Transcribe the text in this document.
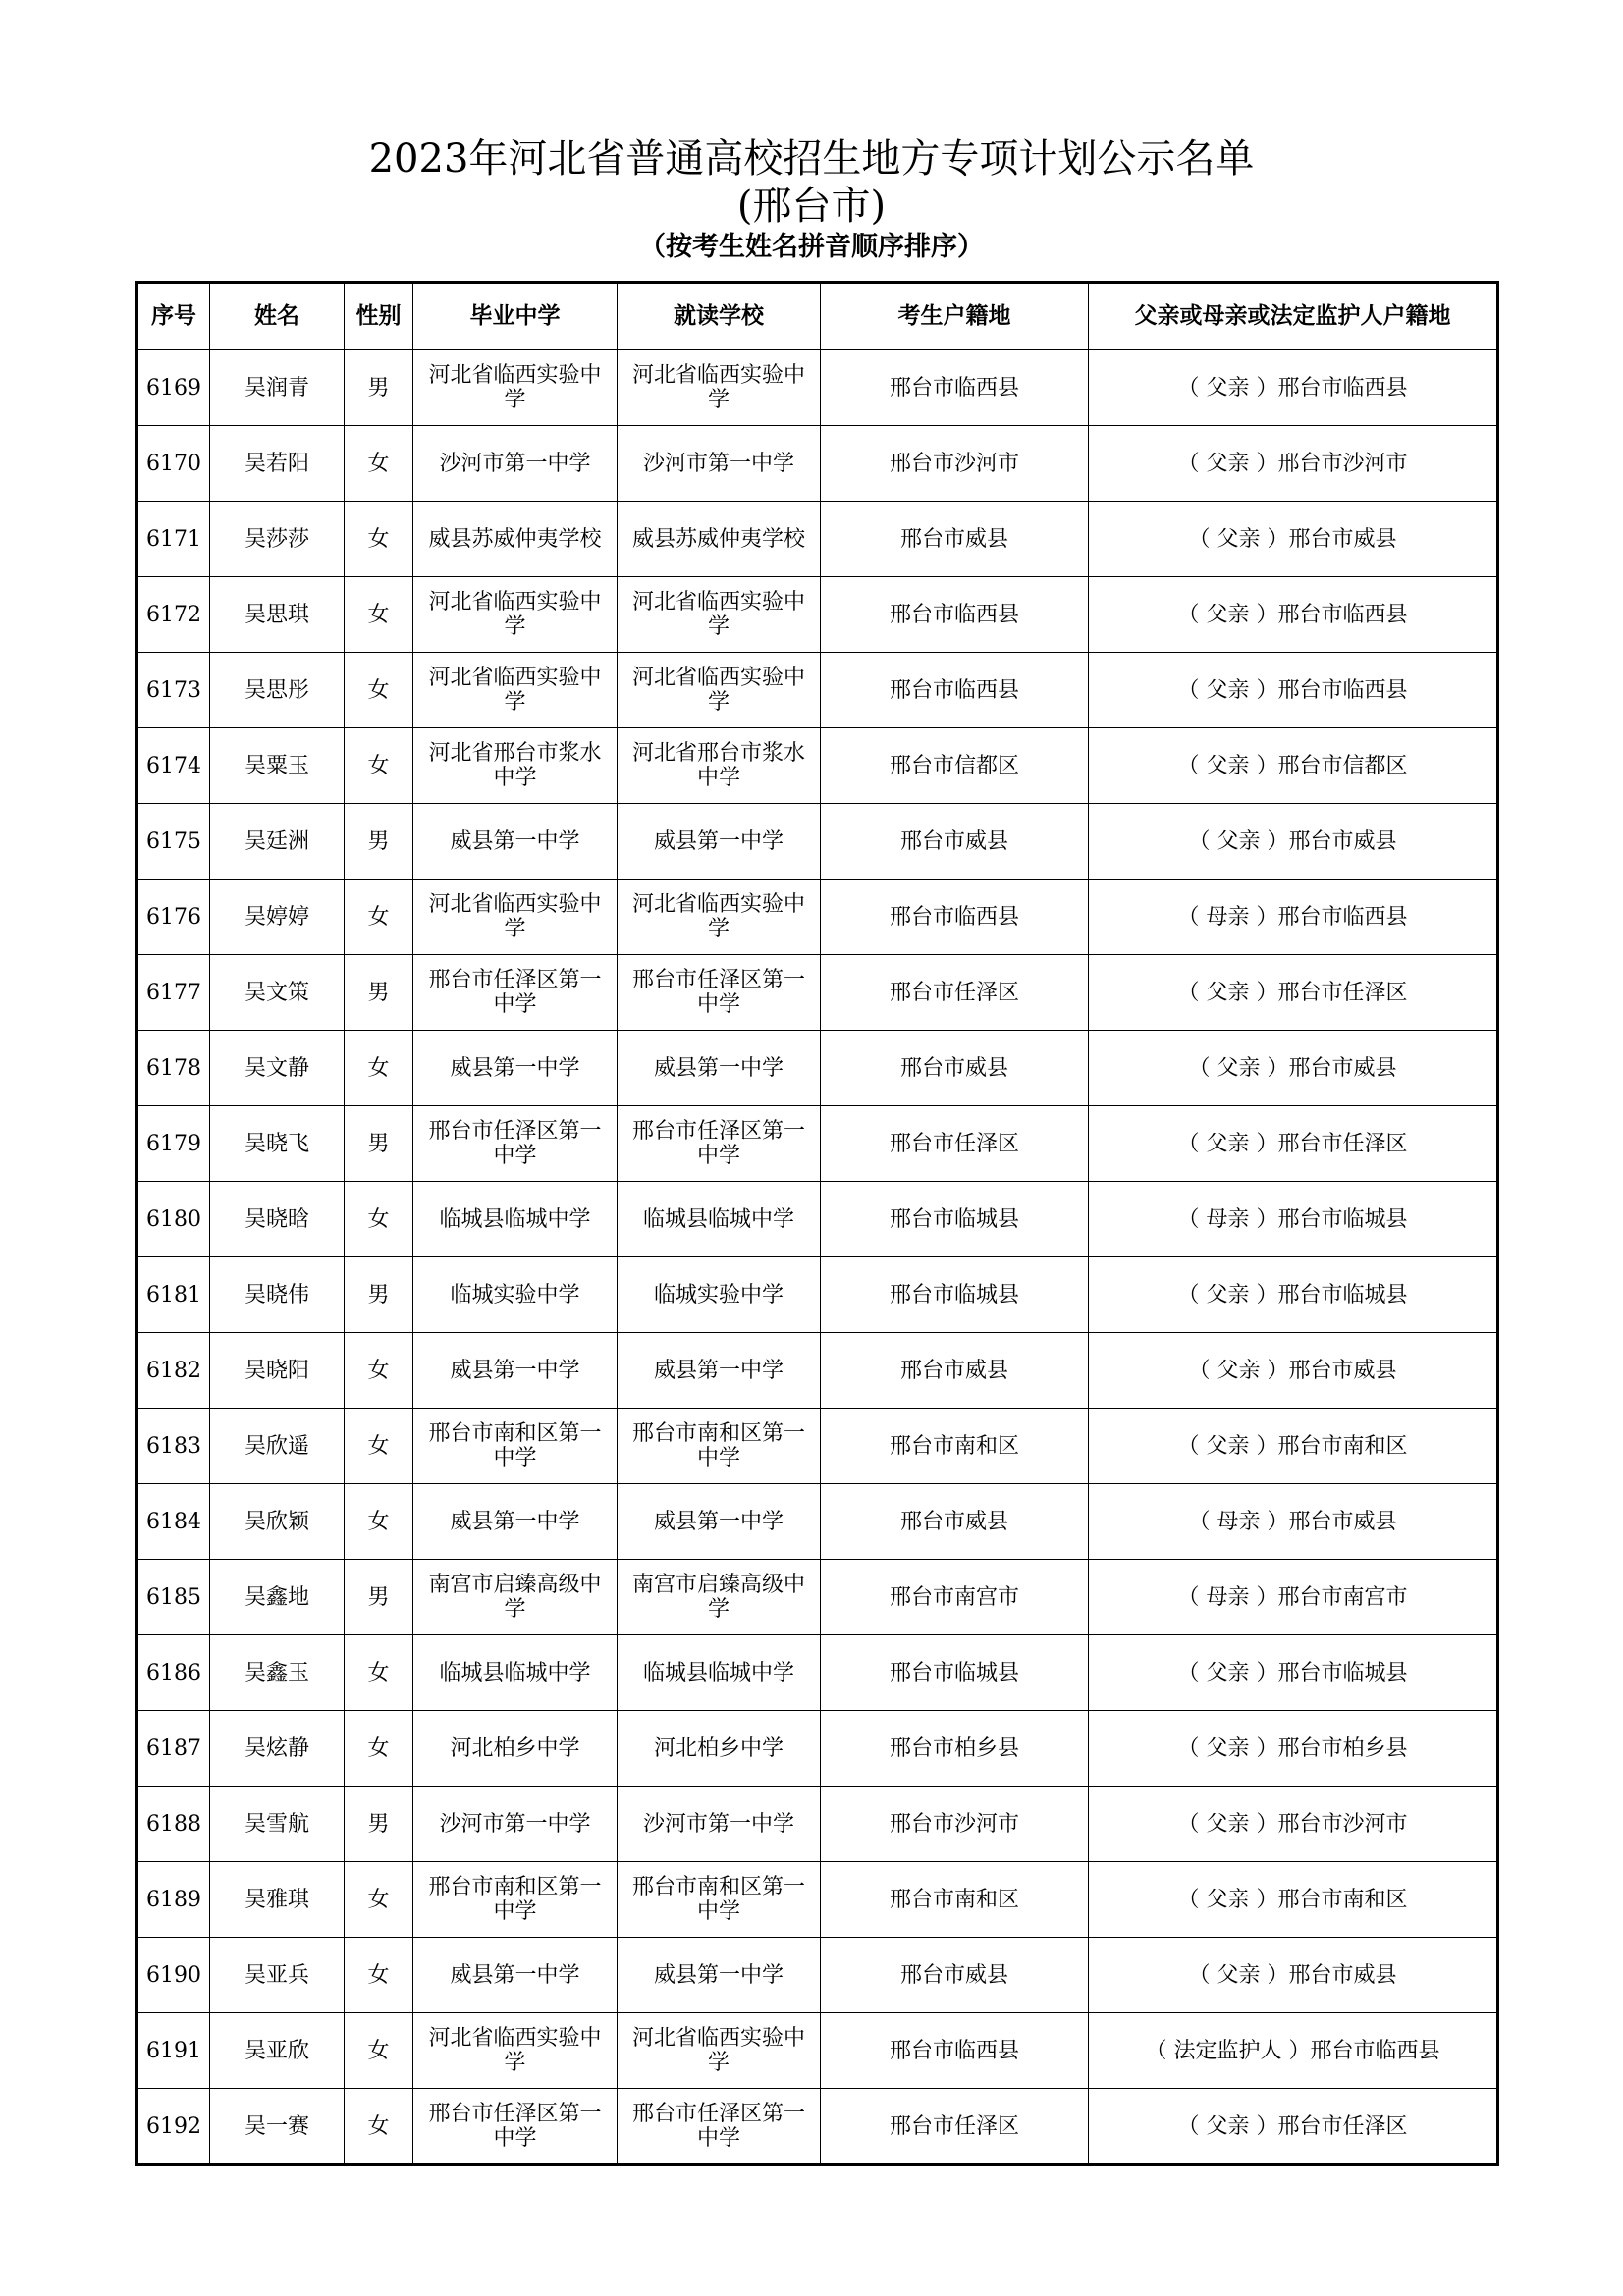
2023年河北省普通高校招生地方专项计划公示名单
(邢台市)
（按考生姓名拼音顺序排序）
序号	姓名	性别	毕业中学	就读学校	考生户籍地	父亲或母亲或法定监护人户籍地
6169	吴润青	男	河北省临西实验中学	河北省临西实验中学	邢台市临西县	（ 父亲 ）邢台市临西县
6170	吴若阳	女	沙河市第一中学	沙河市第一中学	邢台市沙河市	（ 父亲 ）邢台市沙河市
6171	吴莎莎	女	威县苏威仲夷学校	威县苏威仲夷学校	邢台市威县	（ 父亲 ）邢台市威县
6172	吴思琪	女	河北省临西实验中学	河北省临西实验中学	邢台市临西县	（ 父亲 ）邢台市临西县
6173	吴思彤	女	河北省临西实验中学	河北省临西实验中学	邢台市临西县	（ 父亲 ）邢台市临西县
6174	吴粟玉	女	河北省邢台市浆水中学	河北省邢台市浆水中学	邢台市信都区	（ 父亲 ）邢台市信都区
6175	吴廷洲	男	威县第一中学	威县第一中学	邢台市威县	（ 父亲 ）邢台市威县
6176	吴婷婷	女	河北省临西实验中学	河北省临西实验中学	邢台市临西县	（ 母亲 ）邢台市临西县
6177	吴文策	男	邢台市任泽区第一中学	邢台市任泽区第一中学	邢台市任泽区	（ 父亲 ）邢台市任泽区
6178	吴文静	女	威县第一中学	威县第一中学	邢台市威县	（ 父亲 ）邢台市威县
6179	吴晓飞	男	邢台市任泽区第一中学	邢台市任泽区第一中学	邢台市任泽区	（ 父亲 ）邢台市任泽区
6180	吴晓晗	女	临城县临城中学	临城县临城中学	邢台市临城县	（ 母亲 ）邢台市临城县
6181	吴晓伟	男	临城实验中学	临城实验中学	邢台市临城县	（ 父亲 ）邢台市临城县
6182	吴晓阳	女	威县第一中学	威县第一中学	邢台市威县	（ 父亲 ）邢台市威县
6183	吴欣遥	女	邢台市南和区第一中学	邢台市南和区第一中学	邢台市南和区	（ 父亲 ）邢台市南和区
6184	吴欣颖	女	威县第一中学	威县第一中学	邢台市威县	（ 母亲 ）邢台市威县
6185	吴鑫地	男	南宫市启臻高级中学	南宫市启臻高级中学	邢台市南宫市	（ 母亲 ）邢台市南宫市
6186	吴鑫玉	女	临城县临城中学	临城县临城中学	邢台市临城县	（ 父亲 ）邢台市临城县
6187	吴炫静	女	河北柏乡中学	河北柏乡中学	邢台市柏乡县	（ 父亲 ）邢台市柏乡县
6188	吴雪航	男	沙河市第一中学	沙河市第一中学	邢台市沙河市	（ 父亲 ）邢台市沙河市
6189	吴雅琪	女	邢台市南和区第一中学	邢台市南和区第一中学	邢台市南和区	（ 父亲 ）邢台市南和区
6190	吴亚兵	女	威县第一中学	威县第一中学	邢台市威县	（ 父亲 ）邢台市威县
6191	吴亚欣	女	河北省临西实验中学	河北省临西实验中学	邢台市临西县	（ 法定监护人 ）邢台市临西县
6192	吴一赛	女	邢台市任泽区第一中学	邢台市任泽区第一中学	邢台市任泽区	（ 父亲 ）邢台市任泽区
